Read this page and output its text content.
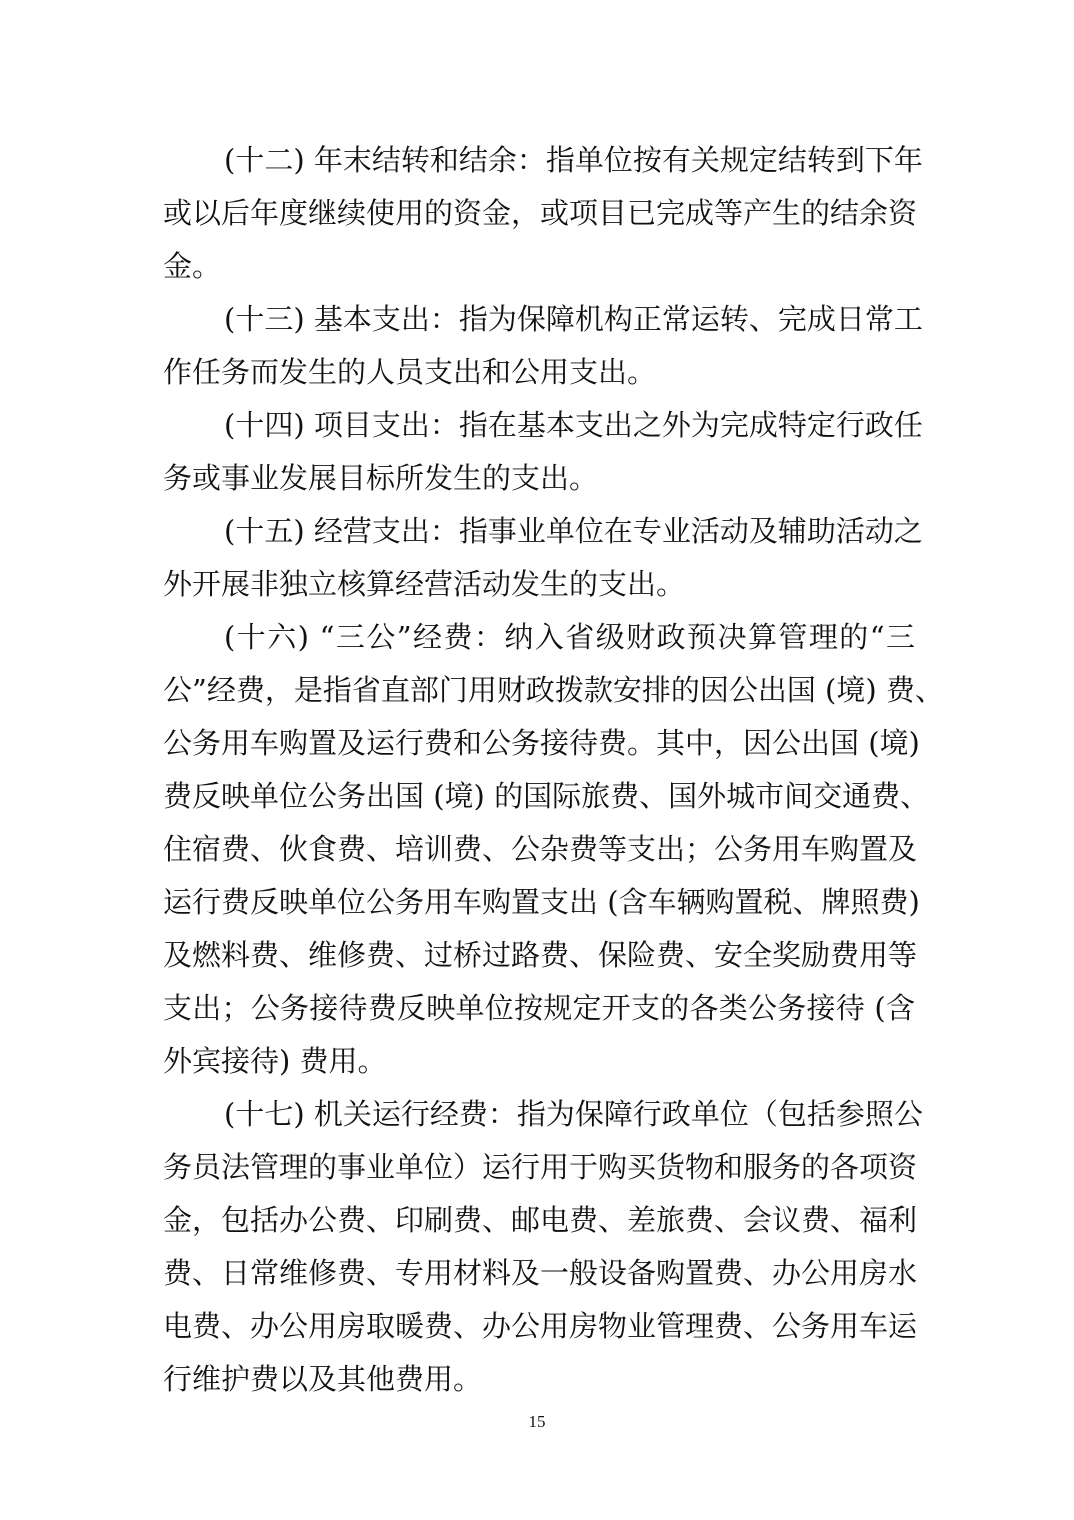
(十二) 年末结转和结余：指单位按有关规定结转到下年
或以后年度继续使用的资金，或项目已完成等产生的结余资
金。
(十三) 基本支出：指为保障机构正常运转、完成日常工
作任务而发生的人员支出和公用支出。
(十四) 项目支出：指在基本支出之外为完成特定行政任
务或事业发展目标所发生的支出。
(十五) 经营支出：指事业单位在专业活动及辅助活动之
外开展非独立核算经营活动发生的支出。
(十六) “三公”经费：纳入省级财政预决算管理的“三
公”经费，是指省直部门用财政拨款安排的因公出国 (境) 费、
公务用车购置及运行费和公务接待费。其中，因公出国 (境)
费反映单位公务出国 (境) 的国际旅费、国外城市间交通费、
住宿费、伙食费、培训费、公杂费等支出；公务用车购置及
运行费反映单位公务用车购置支出 (含车辆购置税、牌照费)
及燃料费、维修费、过桥过路费、保险费、安全奖励费用等
支出；公务接待费反映单位按规定开支的各类公务接待 (含
外宾接待) 费用。
(十七) 机关运行经费：指为保障行政单位（包括参照公
务员法管理的事业单位）运行用于购买货物和服务的各项资
金，包括办公费、印刷费、邮电费、差旅费、会议费、福利
费、日常维修费、专用材料及一般设备购置费、办公用房水
电费、办公用房取暖费、办公用房物业管理费、公务用车运
行维护费以及其他费用。
15
